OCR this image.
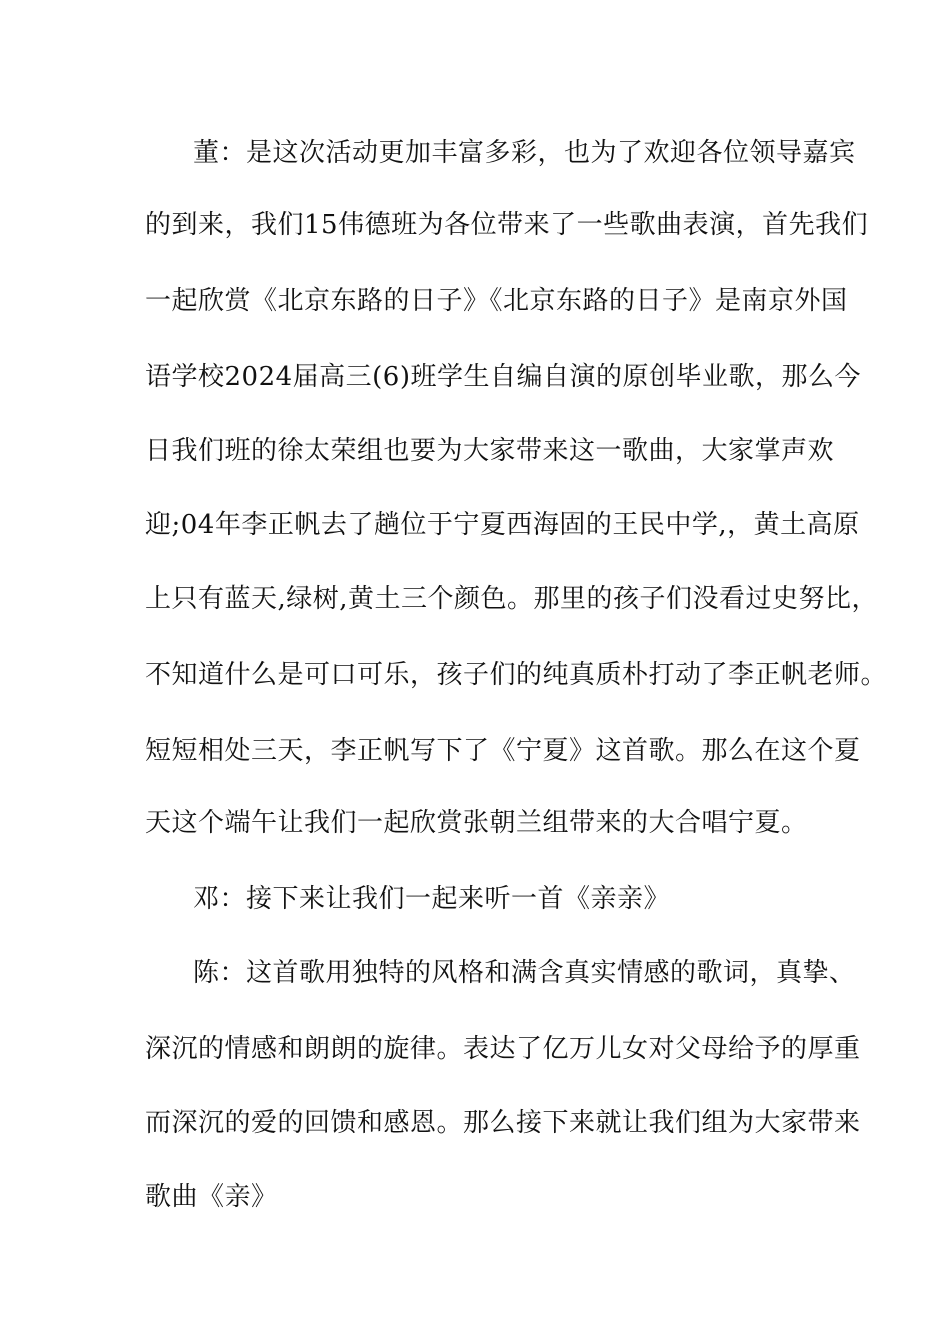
董：是这次活动更加丰富多彩，也为了欢迎各位领导嘉宾
的到来，我们15伟德班为各位带来了一些歌曲表演，首先我们
一起欣赏《北京东路的日子》《北京东路的日子》是南京外国
语学校2024届高三(6)班学生自编自演的原创毕业歌，那么今
日我们班的徐太荣组也要为大家带来这一歌曲，大家掌声欢
迎;04年李正帆去了趟位于宁夏西海固的王民中学,，黄土高原
上只有蓝天,绿树,黄土三个颜色。那里的孩子们没看过史努比，
不知道什么是可口可乐，孩子们的纯真质朴打动了李正帆老师。
短短相处三天，李正帆写下了《宁夏》这首歌。那么在这个夏
天这个端午让我们一起欣赏张朝兰组带来的大合唱宁夏。
邓：接下来让我们一起来听一首《亲亲》
陈：这首歌用独特的风格和满含真实情感的歌词，真挚、
深沉的情感和朗朗的旋律。表达了亿万儿女对父母给予的厚重
而深沉的爱的回馈和感恩。那么接下来就让我们组为大家带来
歌曲《亲》
